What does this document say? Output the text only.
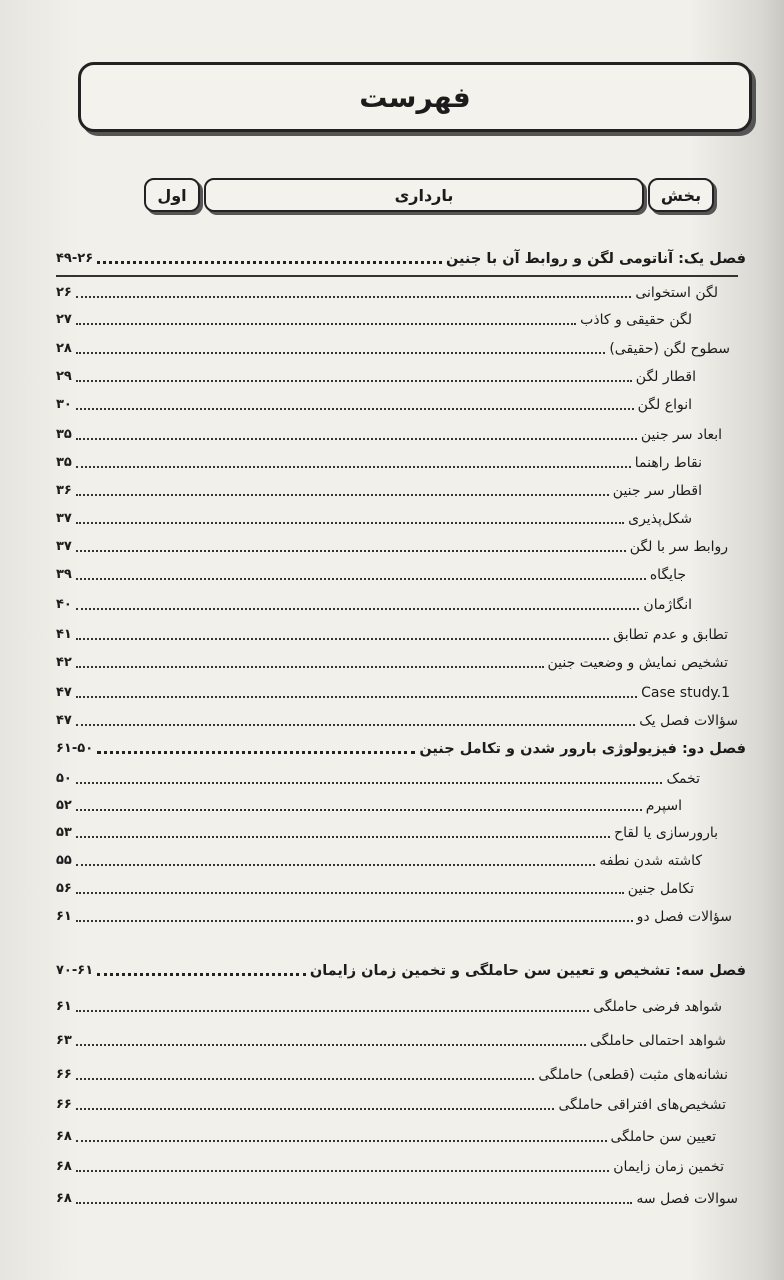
فهرست
بخش
بارداری
اول
فصل یک: آناتومی لگن و روابط آن با جنین
۴۹-۲۶
لگن استخوانی
۲۶
لگن حقیقی و کاذب
۲۷
سطوح لگن (حقیقی)
۲۸
اقطار لگن
۲۹
انواع لگن
۳۰
ابعاد سر جنین
۳۵
نقاط راهنما
۳۵
اقطار سر جنین
۳۶
شکل‌پذیری
۳۷
روابط سر با لگن
۳۷
جایگاه
۳۹
انگاژمان
۴۰
تطابق و عدم تطابق
۴۱
تشخیص نمایش و وضعیت جنین
۴۲
Case study.1
۴۷
سؤالات فصل یک
۴۷
فصل دو: فیزیولوژی بارور شدن و تکامل جنین
۶۱-۵۰
تخمک
۵۰
اسپرم
۵۲
بارورسازی یا لقاح
۵۳
کاشته شدن نطفه
۵۵
تکامل جنین
۵۶
سؤالات فصل دو
۶۱
فصل سه: تشخیص و تعیین سن حاملگی و تخمین زمان زایمان
۷۰-۶۱
شواهد فرضی حاملگی
۶۱
شواهد احتمالی حاملگی
۶۳
نشانه‌های مثبت (قطعی) حاملگی
۶۶
تشخیص‌های افتراقی حاملگی
۶۶
تعیین سن حاملگی
۶۸
تخمین زمان زایمان
۶۸
سوالات فصل سه
۶۸
